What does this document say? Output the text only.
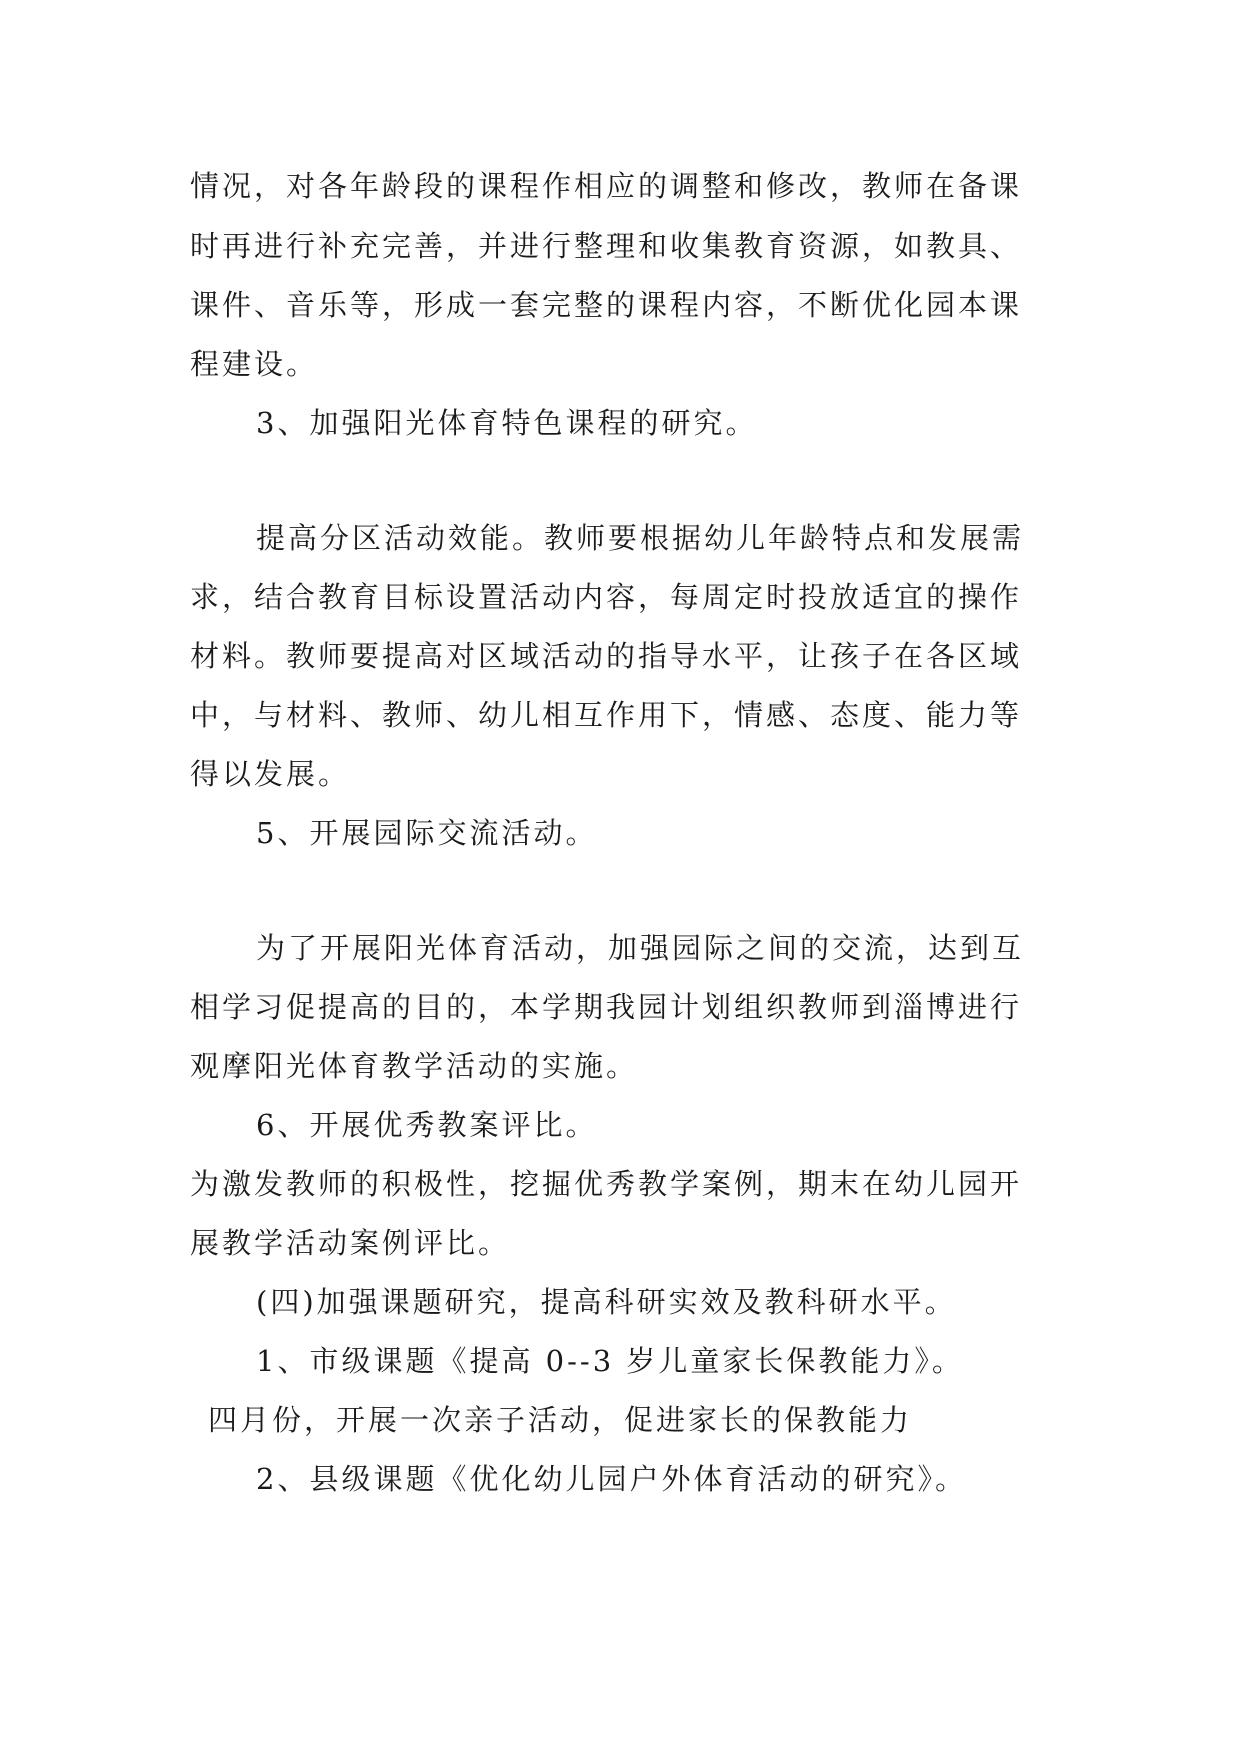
情况，对各年龄段的课程作相应的调整和修改，教师在备课

时再进行补充完善，并进行整理和收集教育资源，如教具、

课件、音乐等，形成一套完整的课程内容，不断优化园本课

程建设。

3、加强阳光体育特色课程的研究。

提高分区活动效能。教师要根据幼儿年龄特点和发展需

求，结合教育目标设置活动内容，每周定时投放适宜的操作

材料。教师要提高对区域活动的指导水平，让孩子在各区域

中，与材料、教师、幼儿相互作用下，情感、态度、能力等

得以发展。

5、开展园际交流活动。

为了开展阳光体育活动，加强园际之间的交流，达到互

相学习促提高的目的，本学期我园计划组织教师到淄博进行

观摩阳光体育教学活动的实施。

6、开展优秀教案评比。

为激发教师的积极性，挖掘优秀教学案例，期末在幼儿园开

展教学活动案例评比。

(四)加强课题研究，提高科研实效及教科研水平。

1、市级课题《提高 0--3 岁儿童家长保教能力》。

四月份，开展一次亲子活动，促进家长的保教能力

2、县级课题《优化幼儿园户外体育活动的研究》。
